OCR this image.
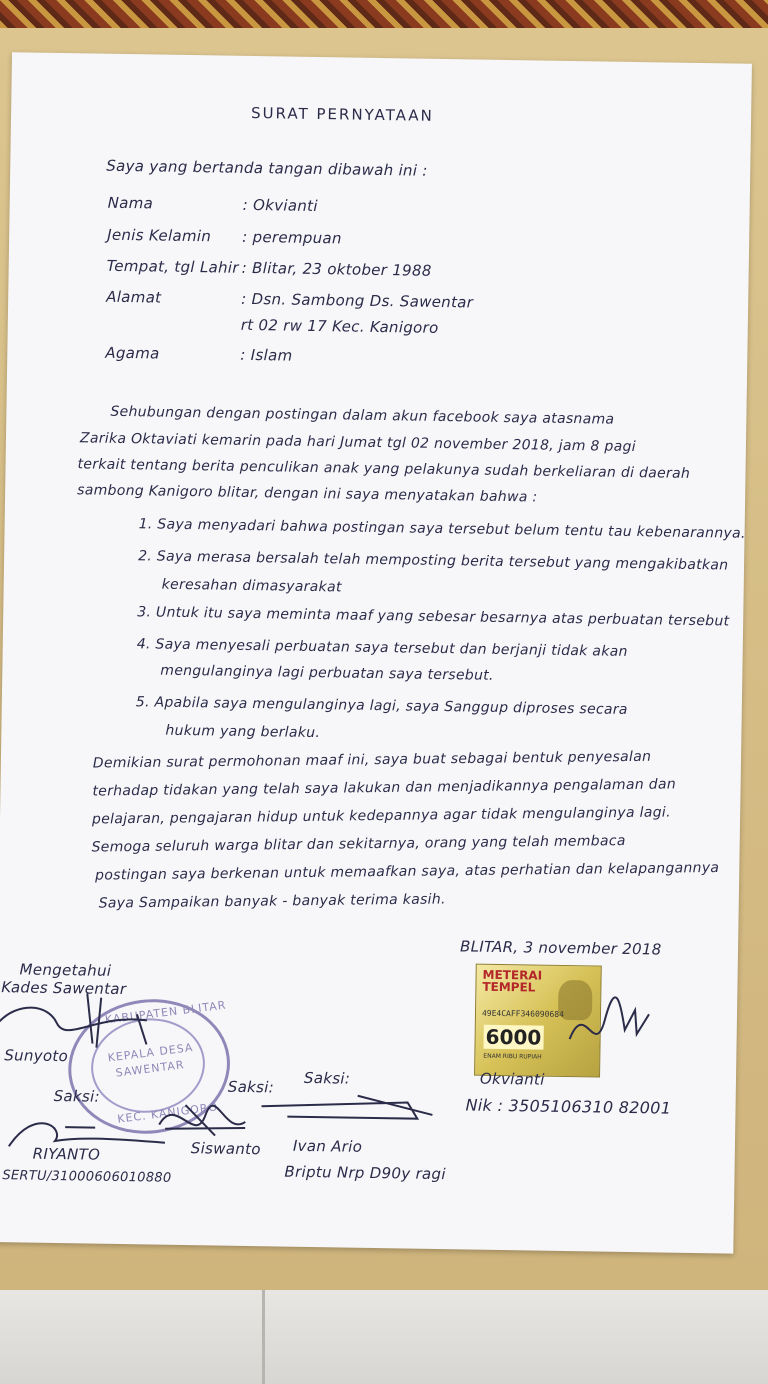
SURAT PERNYATAAN
Saya yang bertanda tangan dibawah ini :
Nama	: Okvianti
Jenis Kelamin : perempuan
Tempat, tgl Lahir : Blitar, 23 oktober 1988
Alamat	: Dsn. Sambong Ds. Sawentar
rt 02 rw 17 Kec. Kanigoro
Agama	: Islam
Sehubungan dengan postingan dalam akun facebook saya atasnama
Zarika Oktaviati kemarin pada hari Jumat tgl 02 november 2018, jam 8 pagi
terkait tentang berita penculikan anak yang pelakunya sudah berkeliaran di daerah
sambong Kanigoro blitar, dengan ini saya menyatakan bahwa :
1. Saya menyadari bahwa postingan saya tersebut belum tentu tau kebenarannya.
2. Saya merasa bersalah telah memposting berita tersebut yang mengakibatkan
keresahan dimasyarakat
3. Untuk itu saya meminta maaf yang sebesar besarnya atas perbuatan tersebut
4. Saya menyesali perbuatan saya tersebut dan berjanji tidak akan
mengulanginya lagi perbuatan saya tersebut.
5. Apabila saya mengulanginya lagi, saya Sanggup diproses secara
hukum yang berlaku.
Demikian surat permohonan maaf ini, saya buat sebagai bentuk penyesalan
terhadap tidakan yang telah saya lakukan dan menjadikannya pengalaman dan
pelajaran, pengajaran hidup untuk kedepannya agar tidak mengulanginya lagi.
Semoga seluruh warga blitar dan sekitarnya, orang yang telah membaca
postingan saya berkenan untuk memaafkan saya, atas perhatian dan kelapangannya
Saya Sampaikan banyak - banyak terima kasih.
BLITAR, 3 november 2018
METERAI
TEMPEL
49E4CAFF346090684
6000
ENAM RIBU RUPIAH
Okvianti
Nik : 3505106310 82001
Mengetahui
Kades Sawentar
KABUPATEN BLITAR
KEPALA DESA
SAWENTAR
KEC. KANIGORO
Sunyoto
Saksi:	Saksi: Saksi:
RIYANTO
SERTU/31000606010880
Siswanto Ivan Ario
Briptu Nrp D90y ragi
